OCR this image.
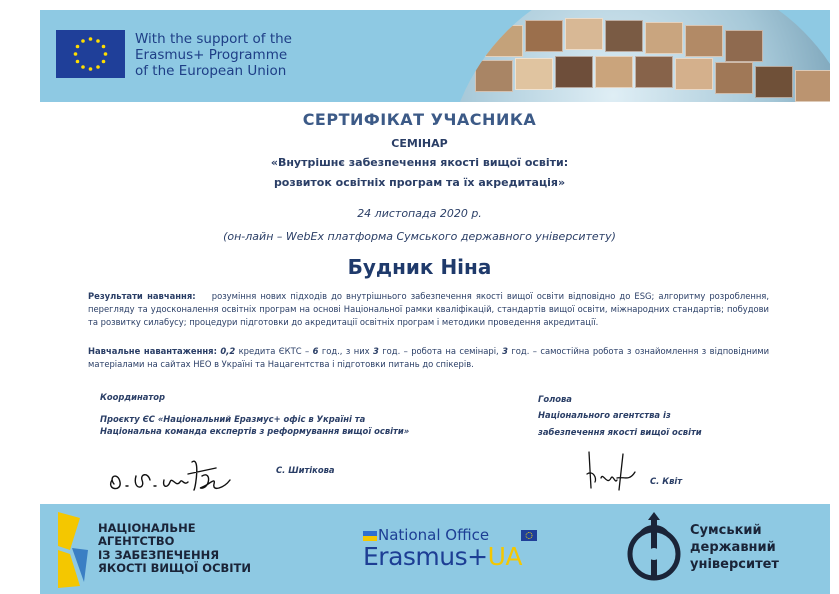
With the support of the
Erasmus+ Programme
of the European Union
СЕРТИФІКАТ УЧАСНИКА
СЕМІНАР
«Внутрішнє забезпечення якості вищої освіти:
розвиток освітніх програм та їх акредитація»
24 листопада 2020 р.
(он-лайн – WebEx платформа Сумського державного університету)
Будник Ніна
Результати навчання: розуміння нових підходів до внутрішнього забезпечення якості вищої освіти відповідно до ESG; алгоритму розроблення, перегляду та удосконалення освітніх програм на основі Національної рамки кваліфікацій, стандартів вищої освіти, міжнародних стандартів; побудови та розвитку силабусу; процедури підготовки до акредитації освітніх програм і методики проведення акредитації.
Навчальне навантаження: 0,2 кредита ЄКТС – 6 год., з них 3 год. – робота на семінарі, 3 год. – самостійна робота з ознайомлення з відповідними матеріалами на сайтах НЕО в Україні та Нацагентства і підготовки питань до спікерів.
Координатор
Проєкту ЄС «Національний Еразмус+ офіс в Україні та Національна команда експертів з реформування вищої освіти»
С. Шитікова
Голова
Національного агентства із
забезпечення якості вищої освіти
С. Квіт
НАЦІОНАЛЬНЕ
АГЕНТСТВО
ІЗ ЗАБЕЗПЕЧЕННЯ
ЯКОСТІ ВИЩОЇ ОСВІТИ
National Office
Erasmus+UA
Сумський
державний
університет
